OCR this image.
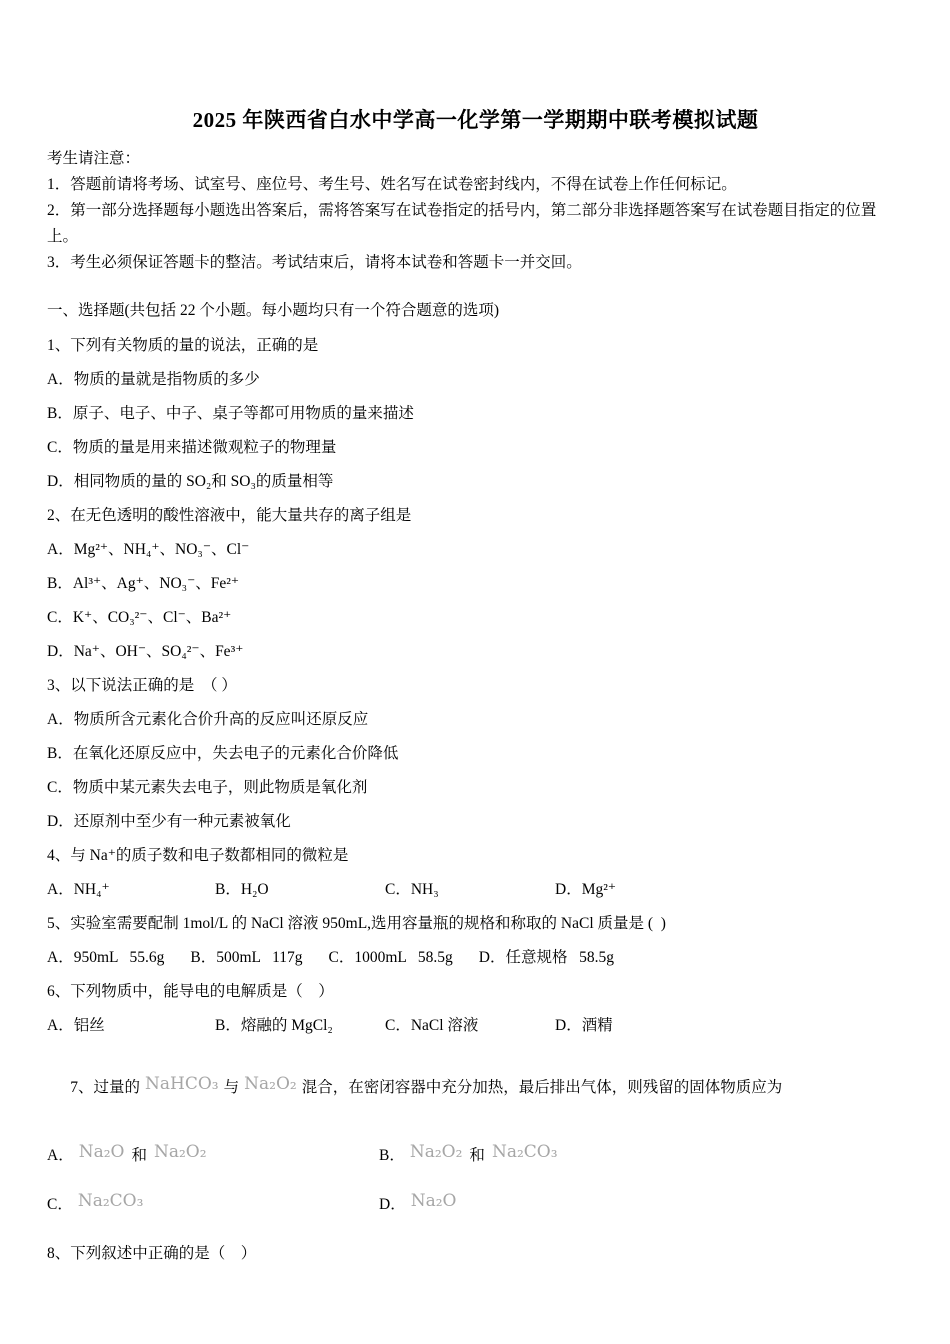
2025 年陕西省白水中学高一化学第一学期期中联考模拟试题
考生请注意：
1．答题前请将考场、试室号、座位号、考生号、姓名写在试卷密封线内，不得在试卷上作任何标记。
2．第一部分选择题每小题选出答案后，需将答案写在试卷指定的括号内，第二部分非选择题答案写在试卷题目指定的位置上。
3．考生必须保证答题卡的整洁。考试结束后，请将本试卷和答题卡一并交回。
一、选择题(共包括 22 个小题。每小题均只有一个符合题意的选项)
1、下列有关物质的量的说法，正确的是
A．物质的量就是指物质的多少
B．原子、电子、中子、桌子等都可用物质的量来描述
C．物质的量是用来描述微观粒子的物理量
D．相同物质的量的 SO₂和 SO₃的质量相等
2、在无色透明的酸性溶液中，能大量共存的离子组是
A．Mg²⁺、NH₄⁺、NO₃⁻、Cl⁻
B．Al³⁺、Ag⁺、NO₃⁻、Fe²⁺
C．K⁺、CO₃²⁻、Cl⁻、Ba²⁺
D．Na⁺、OH⁻、SO₄²⁻、Fe³⁺
3、以下说法正确的是　（ ）
A．物质所含元素化合价升高的反应叫还原反应
B．在氧化还原反应中，失去电子的元素化合价降低
C．物质中某元素失去电子，则此物质是氧化剂
D．还原剂中至少有一种元素被氧化
4、与 Na⁺的质子数和电子数都相同的微粒是
A．NH₄⁺	B．H₂O	C．NH₃	D．Mg²⁺
5、实验室需要配制 1mol/L 的 NaCl 溶液 950mL,选用容量瓶的规格和称取的 NaCl 质量是 (  )
A．950mL   55.6g B．500mL   117g C．1000mL   58.5g D．任意规格   58.5g
6、下列物质中，能导电的电解质是（　）
A．铝丝	B．熔融的 MgCl₂	C．NaCl 溶液	D．酒精

7、过量的 NaHCO₃ 与 Na₂O₂ 混合，在密闭容器中充分加热，最后排出气体，则残留的固体物质应为

A． Na₂O 和 Na₂O₂	B． Na₂O₂ 和 Na₂CO₃
C． Na₂CO₃	D． Na₂O
8、下列叙述中正确的是（　）
